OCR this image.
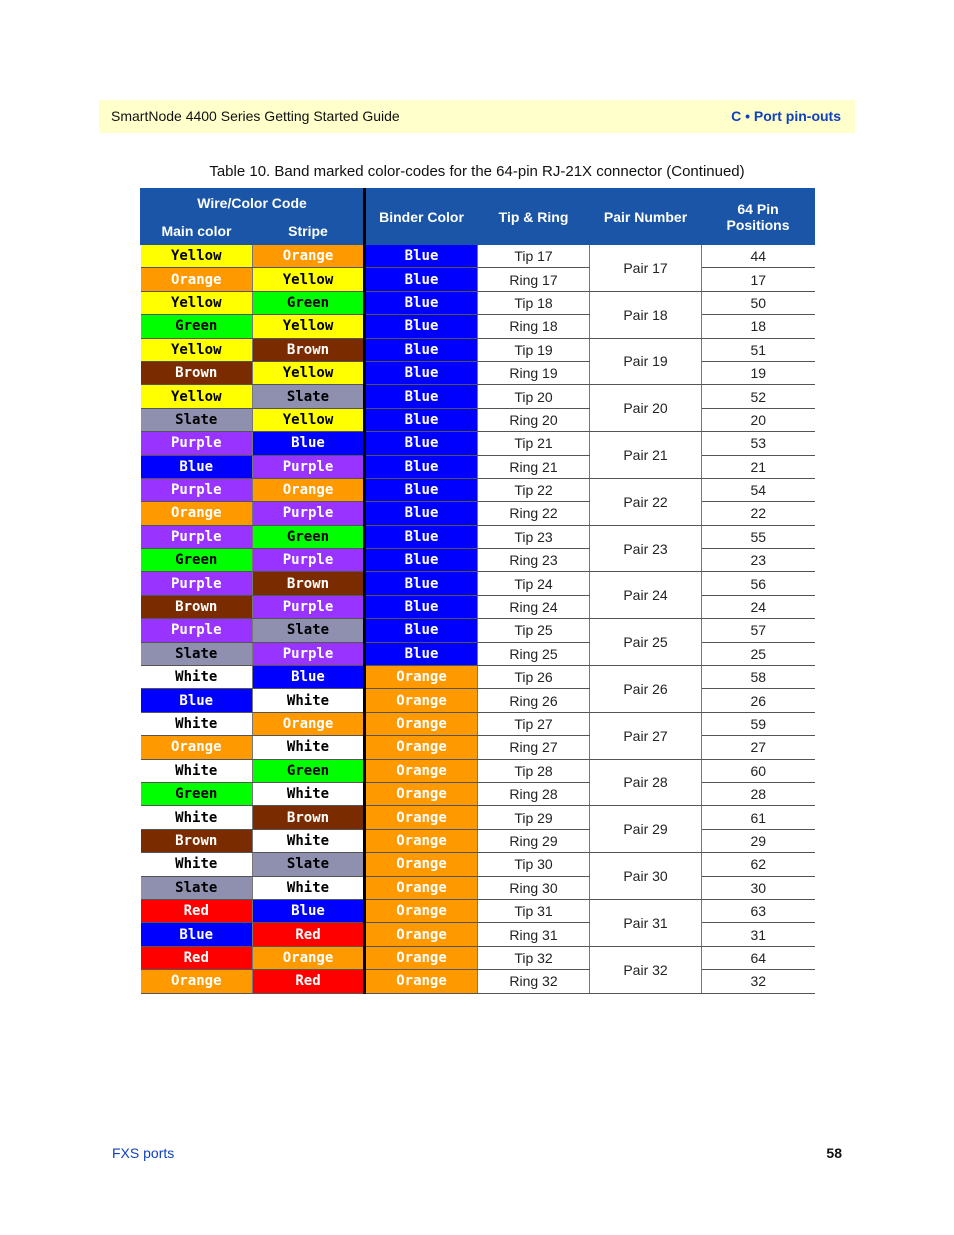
SmartNode 4400 Series Getting Started Guide	C • Port pin-outs
Table 10. Band marked color-codes for the 64-pin RJ-21X connector (Continued)
Wire/Color Code		Binder Color	Tip & Ring	Pair Number	64 Pin
Positions
Main color	Stripe				
Yellow	Orange	Blue	Tip 17	Pair 17	44
Orange	Yellow	Blue	Ring 17		17
Yellow	Green	Blue	Tip 18	Pair 18	50
Green	Yellow	Blue	Ring 18		18
Yellow	Brown	Blue	Tip 19	Pair 19	51
Brown	Yellow	Blue	Ring 19		19
Yellow	Slate	Blue	Tip 20	Pair 20	52
Slate	Yellow	Blue	Ring 20		20
Purple	Blue	Blue	Tip 21	Pair 21	53
Blue	Purple	Blue	Ring 21		21
Purple	Orange	Blue	Tip 22	Pair 22	54
Orange	Purple	Blue	Ring 22		22
Purple	Green	Blue	Tip 23	Pair 23	55
Green	Purple	Blue	Ring 23		23
Purple	Brown	Blue	Tip 24	Pair 24	56
Brown	Purple	Blue	Ring 24		24
Purple	Slate	Blue	Tip 25	Pair 25	57
Slate	Purple	Blue	Ring 25		25
White	Blue	Orange	Tip 26	Pair 26	58
Blue	White	Orange	Ring 26		26
White	Orange	Orange	Tip 27	Pair 27	59
Orange	White	Orange	Ring 27		27
White	Green	Orange	Tip 28	Pair 28	60
Green	White	Orange	Ring 28		28
White	Brown	Orange	Tip 29	Pair 29	61
Brown	White	Orange	Ring 29		29
White	Slate	Orange	Tip 30	Pair 30	62
Slate	White	Orange	Ring 30		30
Red	Blue	Orange	Tip 31	Pair 31	63
Blue	Red	Orange	Ring 31		31
Red	Orange	Orange	Tip 32	Pair 32	64
Orange	Red	Orange	Ring 32		32
FXS ports	58
